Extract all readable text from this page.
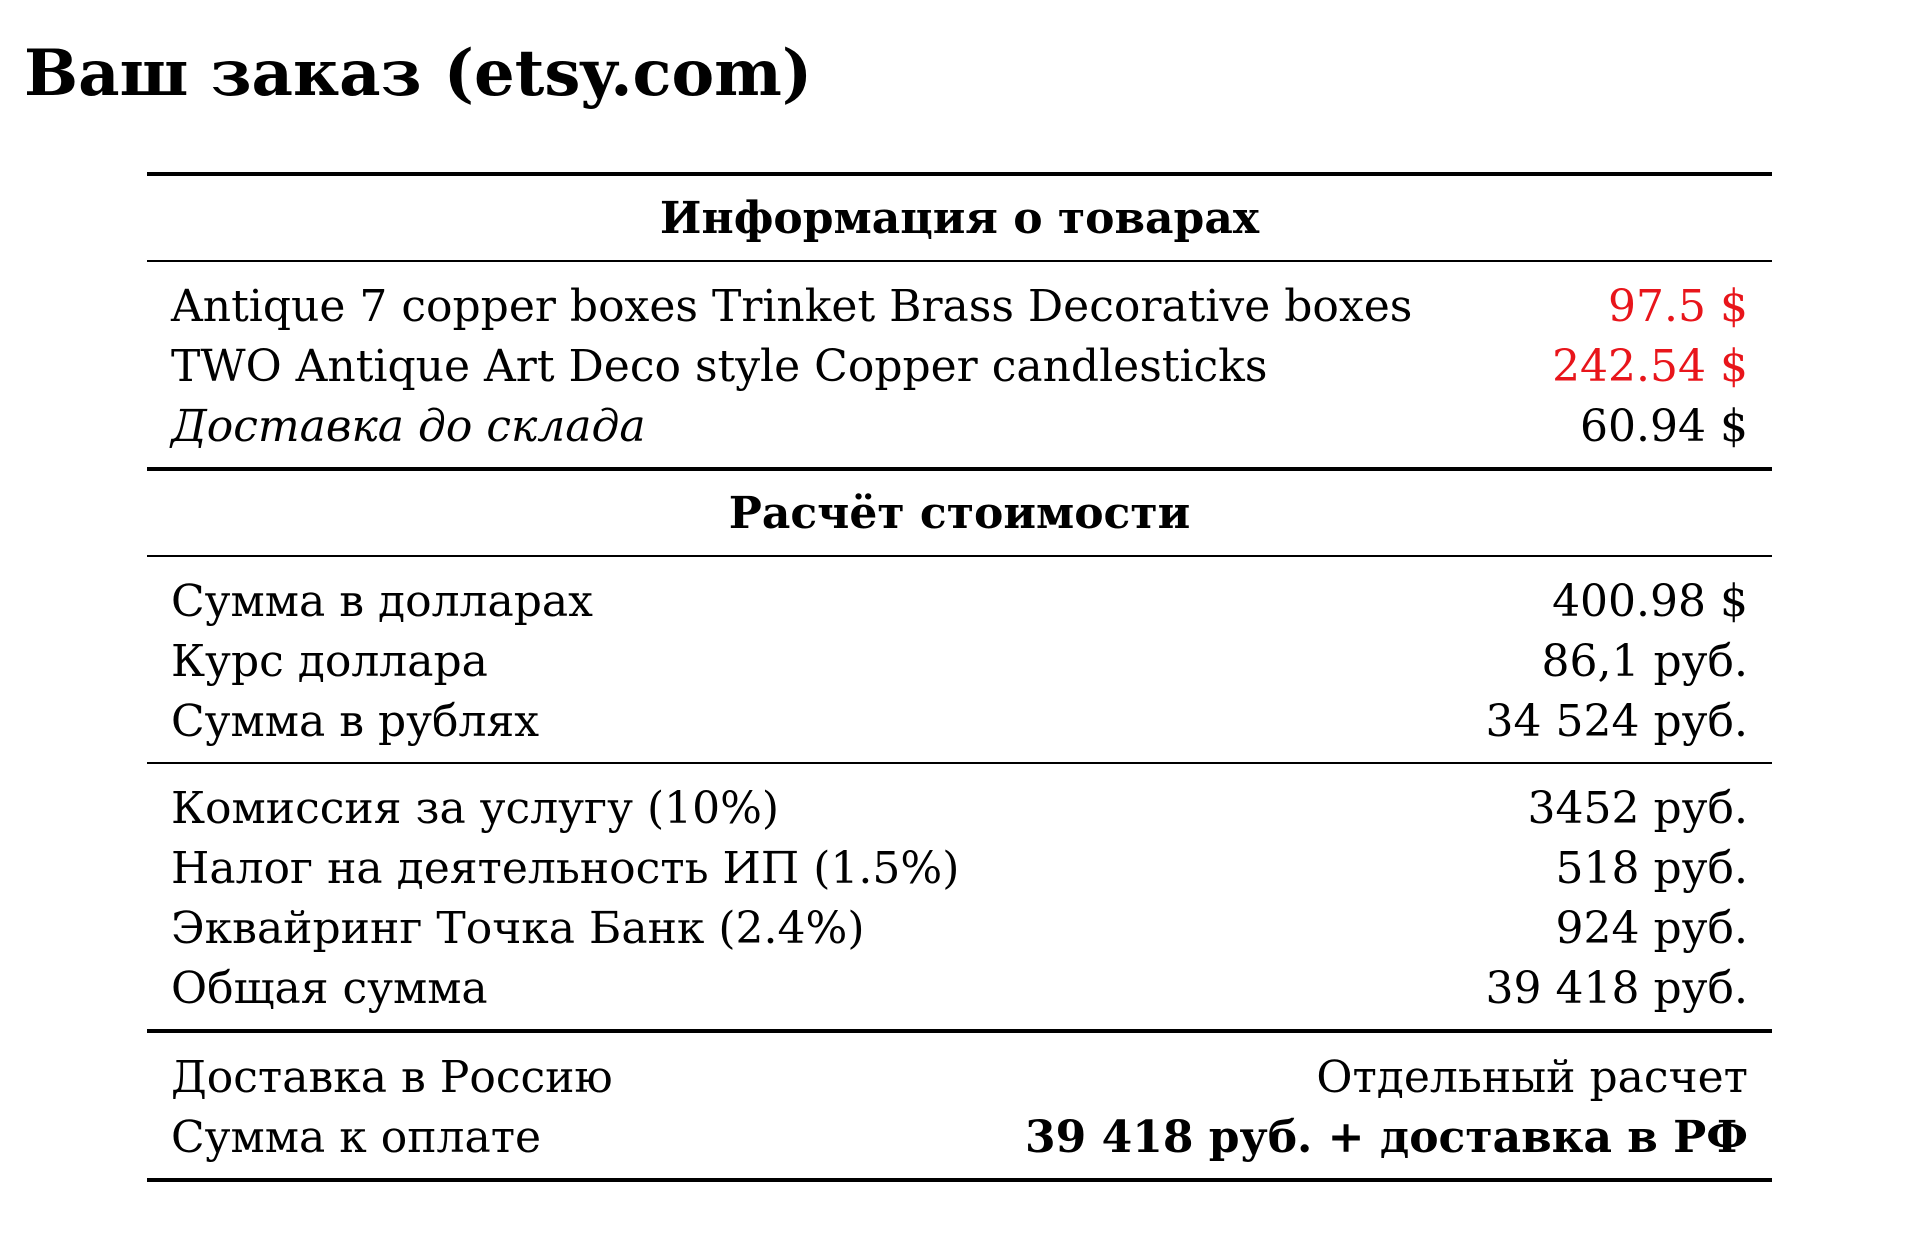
Ваш заказ (etsy.com)
Информация о товарах
Antique 7 copper boxes Trinket Brass Decorative boxes	97.5 $
TWO Antique Art Deco style Copper candlesticks	242.54 $
Доставка до склада	60.94 $
Расчёт стоимости
Сумма в долларах	400.98 $
Курс доллара	86,1 руб.
Сумма в рублях	34 524 руб.
Комиссия за услугу (10%)	3452 руб.
Налог на деятельность ИП (1.5%)	518 руб.
Эквайринг Точка Банк (2.4%)	924 руб.
Общая сумма	39 418 руб.
Доставка в Россию	Отдельный расчет
Сумма к оплате	39 418 руб. + доставка в РФ
